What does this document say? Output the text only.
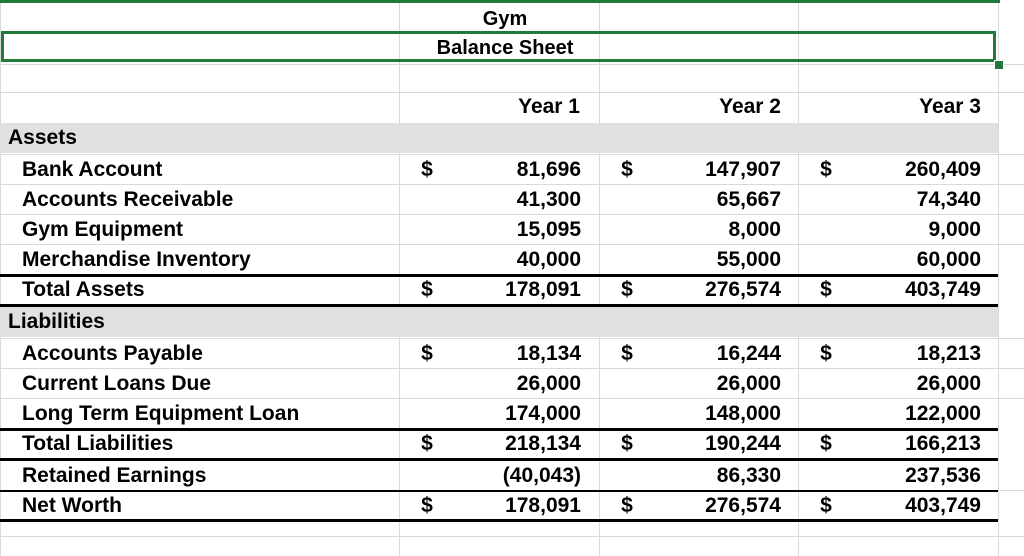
Gym
Balance Sheet
Year 1	Year 2	Year 3
Assets
Liabilities
Bank Account	$	81,696	$	147,907	$	260,409
Accounts Receivable	41,300	65,667	74,340
Gym Equipment	15,095	8,000	9,000
Merchandise Inventory	40,000	55,000	60,000
Total Assets	$	178,091	$	276,574	$	403,749
Accounts Payable	$	18,134	$	16,244	$	18,213
Current Loans Due	26,000	26,000	26,000
Long Term Equipment Loan	174,000	148,000	122,000
Total Liabilities	$	218,134	$	190,244	$	166,213
Retained Earnings	(40,043)	86,330	237,536
Net Worth	$	178,091	$	276,574	$	403,749
